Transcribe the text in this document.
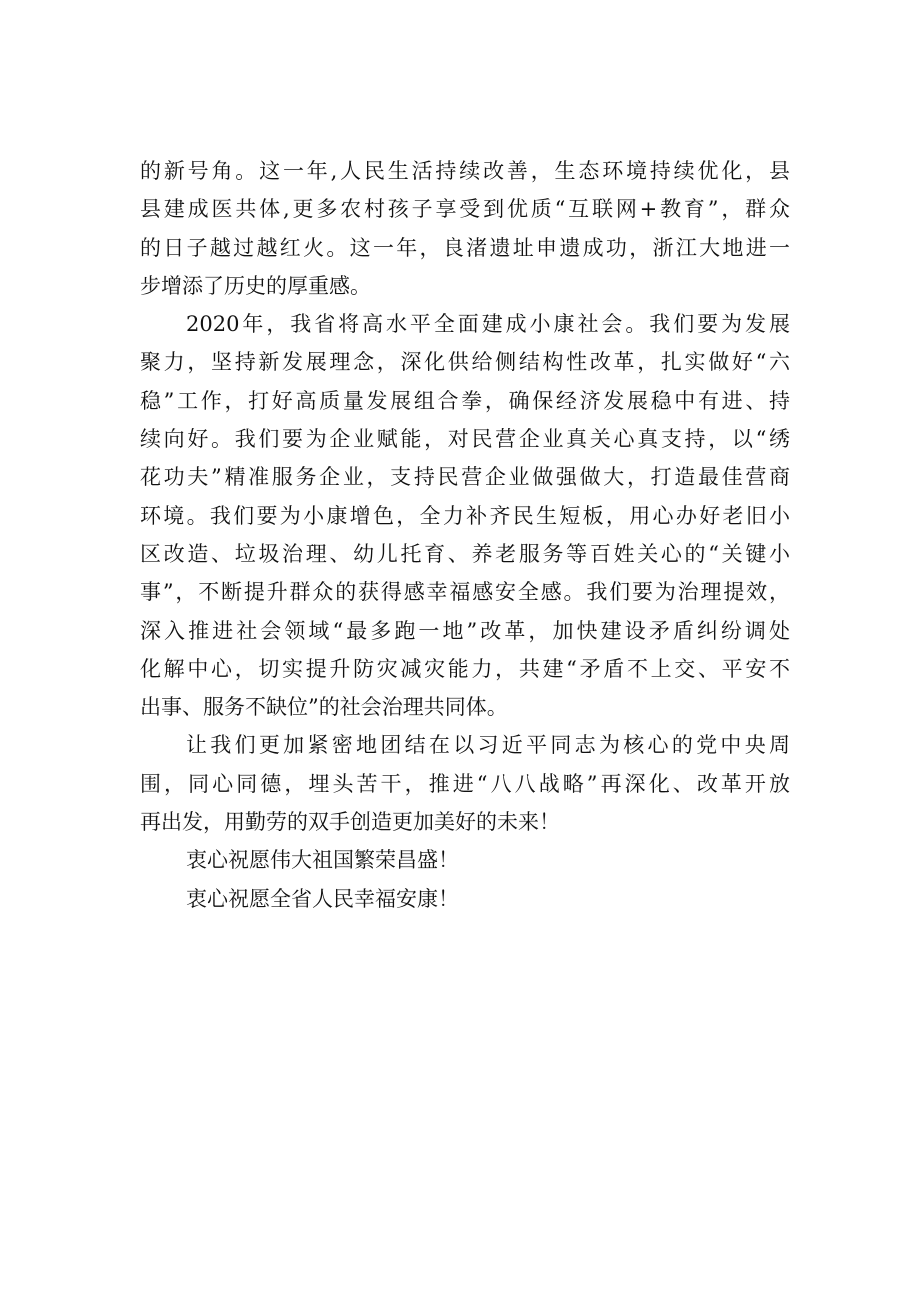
的新号角。这一年,人民生活持续改善，生态环境持续优化，县
县建成医共体,更多农村孩子享受到优质“互联网+教育”，群众
的日子越过越红火。这一年，良渚遗址申遗成功，浙江大地进一
步增添了历史的厚重感。
2020年，我省将高水平全面建成小康社会。我们要为发展
聚力，坚持新发展理念，深化供给侧结构性改革，扎实做好“六
稳”工作，打好高质量发展组合拳，确保经济发展稳中有进、持
续向好。我们要为企业赋能，对民营企业真关心真支持，以“绣
花功夫”精准服务企业，支持民营企业做强做大，打造最佳营商
环境。我们要为小康增色，全力补齐民生短板，用心办好老旧小
区改造、垃圾治理、幼儿托育、养老服务等百姓关心的“关键小
事”，不断提升群众的获得感幸福感安全感。我们要为治理提效，
深入推进社会领域“最多跑一地”改革，加快建设矛盾纠纷调处
化解中心，切实提升防灾减灾能力，共建“矛盾不上交、平安不
出事、服务不缺位”的社会治理共同体。
让我们更加紧密地团结在以习近平同志为核心的党中央周
围，同心同德，埋头苦干，推进“八八战略”再深化、改革开放
再出发，用勤劳的双手创造更加美好的未来！
衷心祝愿伟大祖国繁荣昌盛！
衷心祝愿全省人民幸福安康！
